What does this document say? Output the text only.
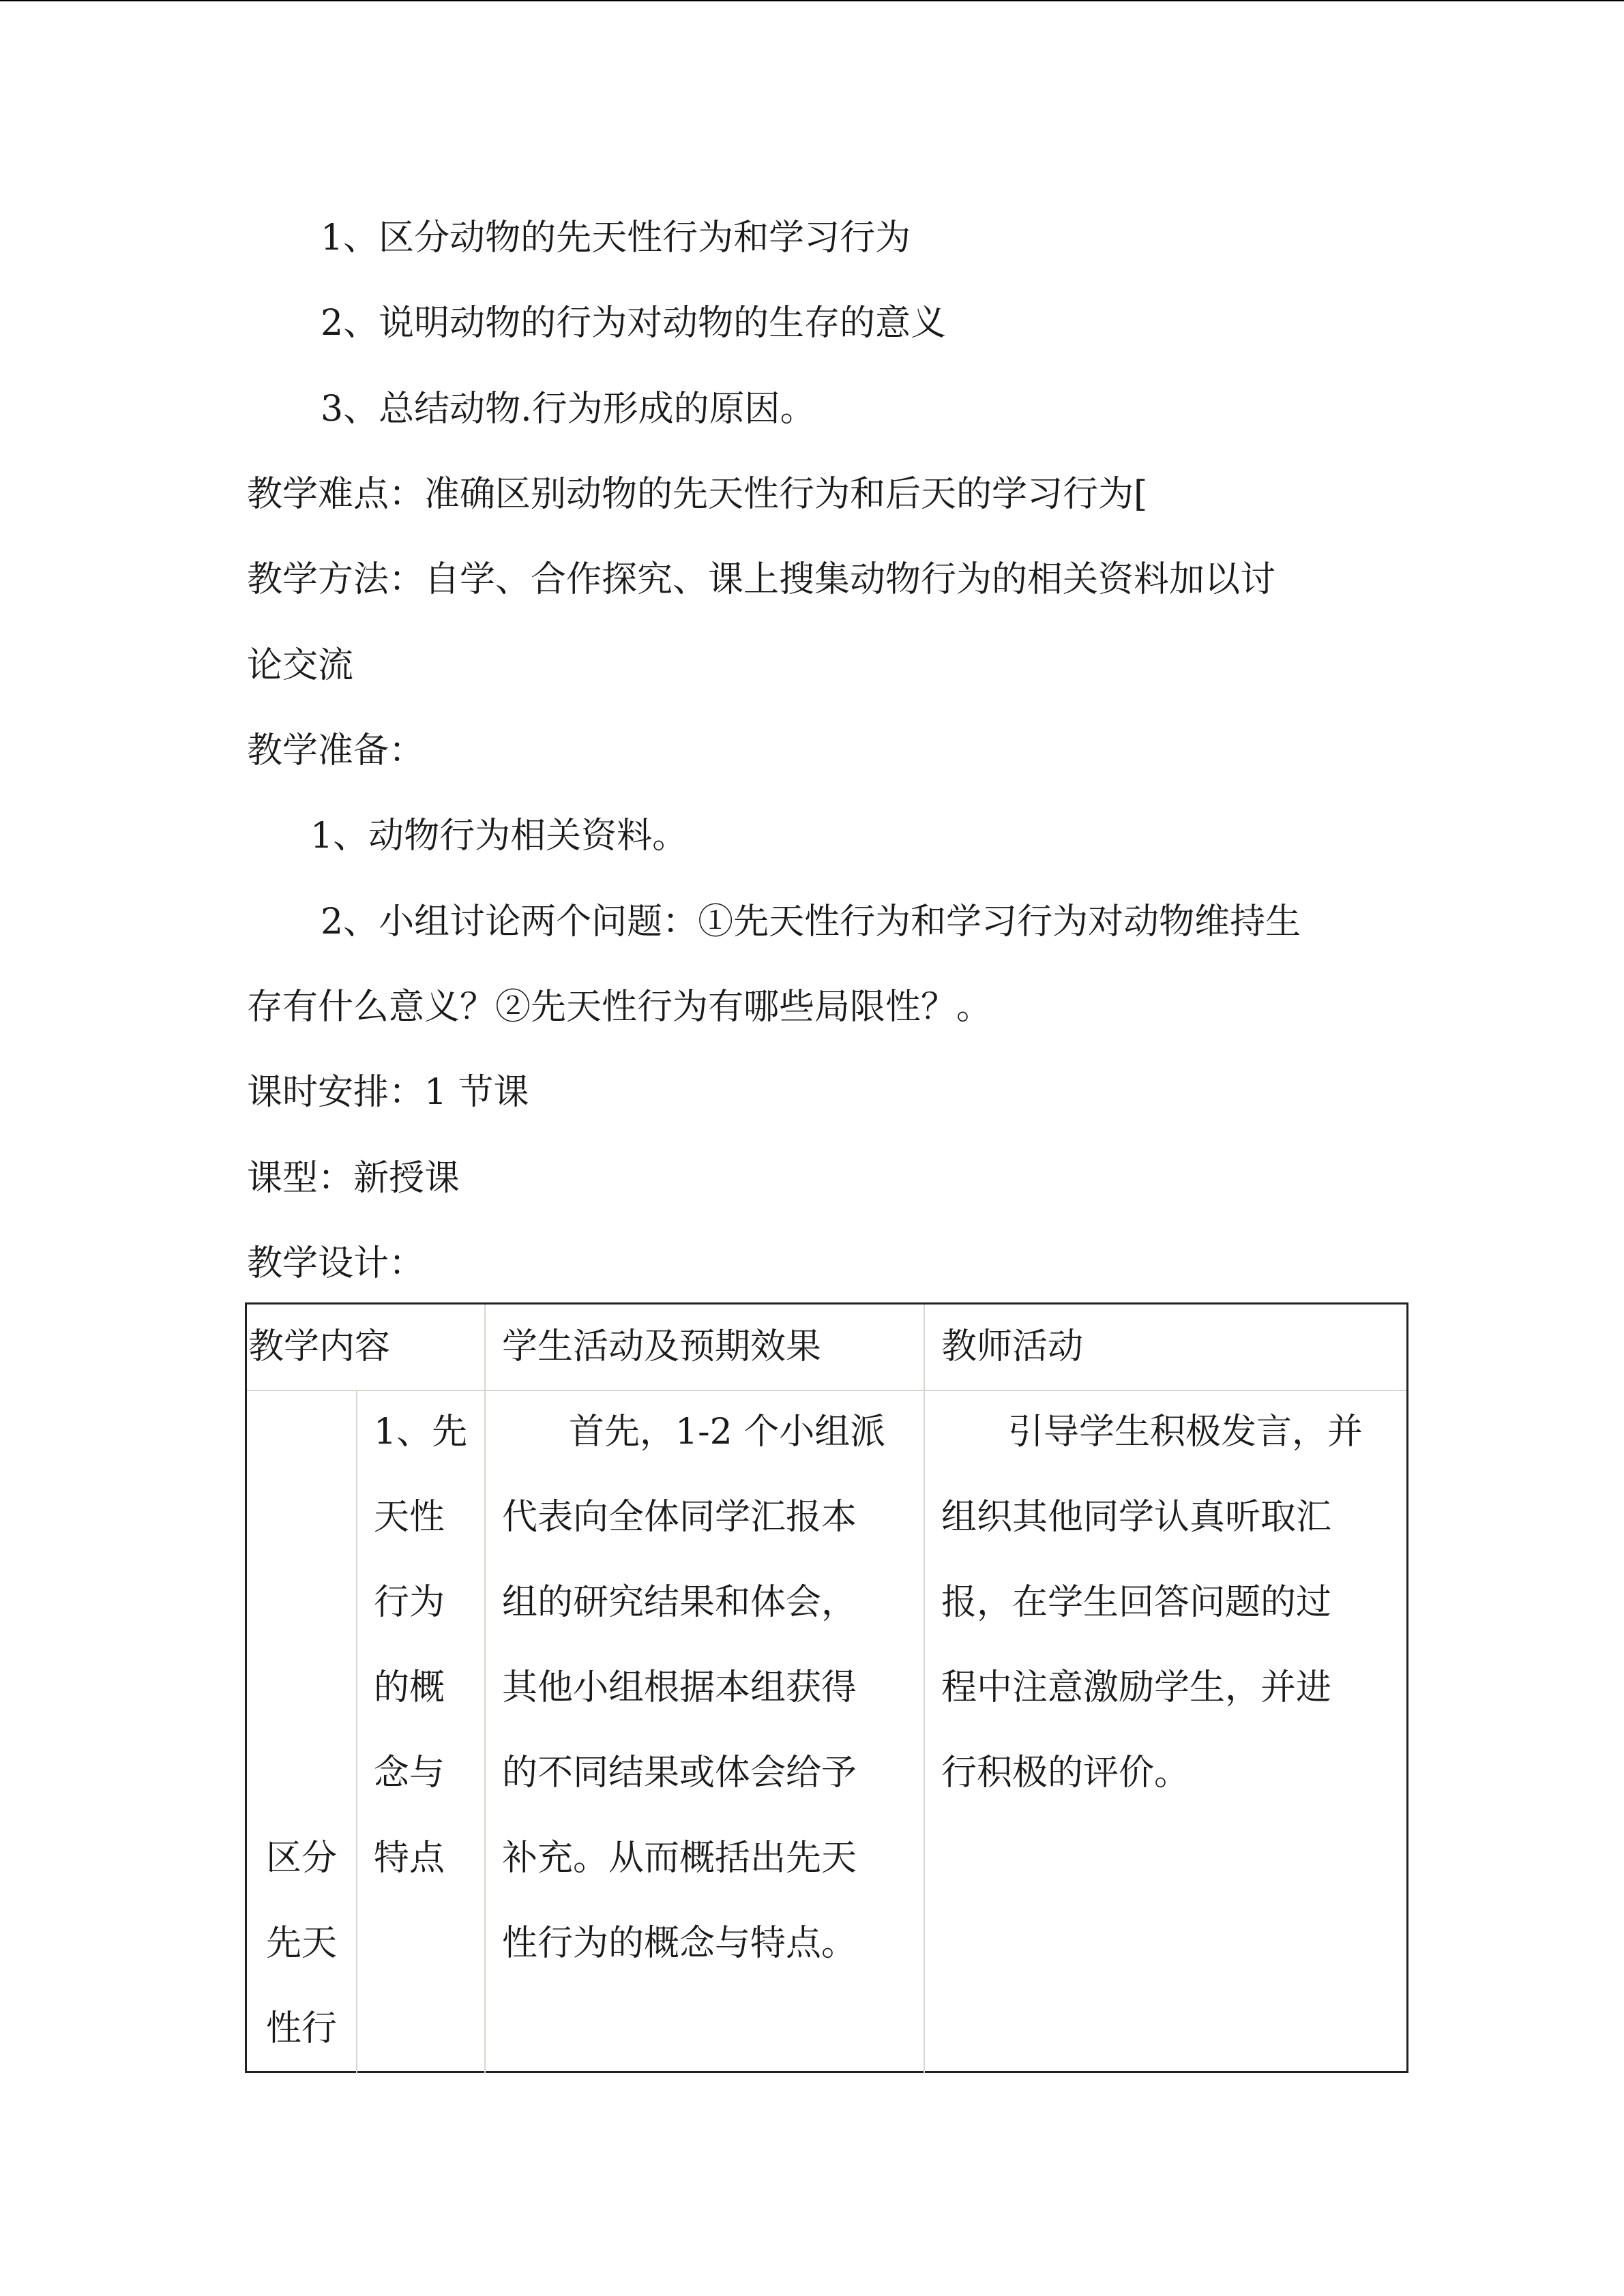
1、区分动物的先天性行为和学习行为
2、说明动物的行为对动物的生存的意义
3、总结动物.行为形成的原因。
教学难点：准确区别动物的先天性行为和后天的学习行为[
教学方法：自学、合作探究、课上搜集动物行为的相关资料加以讨
论交流
教学准备：
1、动物行为相关资料。
2、小组讨论两个问题：①先天性行为和学习行为对动物维持生
存有什么意义？②先天性行为有哪些局限性？。
课时安排：1 节课
课型：新授课
教学设计：
教学内容	学生活动及预期效果	教师活动
区分
先天
性行
1、先
天性
行为
的概
念与
特点
首先，1-2 个小组派
代表向全体同学汇报本
组的研究结果和体会，
其他小组根据本组获得
的不同结果或体会给予
补充。从而概括出先天
性行为的概念与特点。
引导学生积极发言，并
组织其他同学认真听取汇
报，在学生回答问题的过
程中注意激励学生，并进
行积极的评价。
